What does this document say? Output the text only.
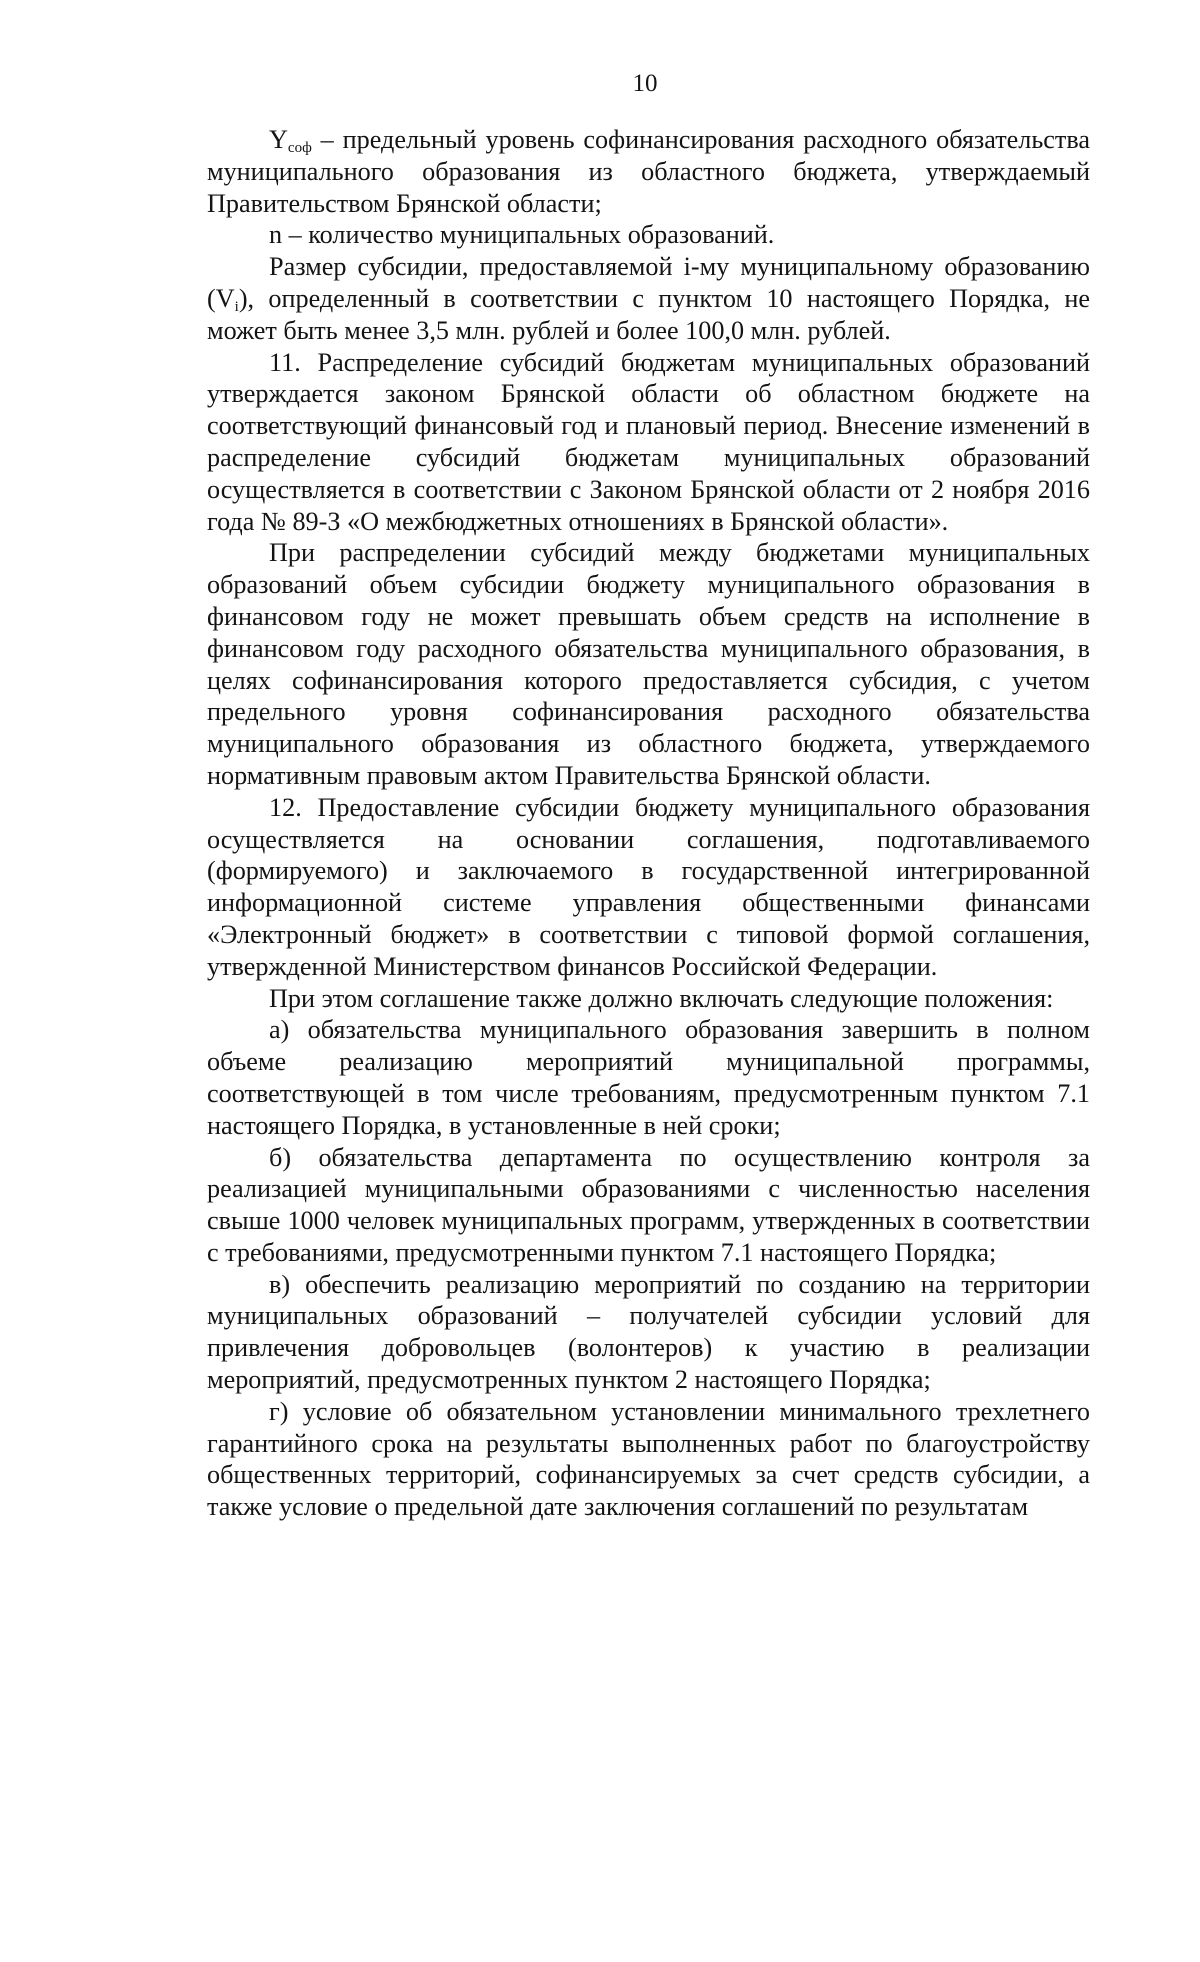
10

$Y_{соф}$ – предельный уровень софинансирования расходного обязательства муниципального образования из областного бюджета, утверждаемый Правительством Брянской области;

n – количество муниципальных образований.

Размер субсидии, предоставляемой i-му муниципальному образованию $(V_i)$, определенный в соответствии с пунктом 10 настоящего Порядка, не может быть менее 3,5 млн. рублей и более 100,0 млн. рублей.

11. Распределение субсидий бюджетам муниципальных образований утверждается законом Брянской области об областном бюджете на соответствующий финансовый год и плановый период. Внесение изменений в распределение субсидий бюджетам муниципальных образований осуществляется в соответствии с Законом Брянской области от 2 ноября 2016 года № 89-З «О межбюджетных отношениях в Брянской области».

При распределении субсидий между бюджетами муниципальных образований объем субсидии бюджету муниципального образования в финансовом году не может превышать объем средств на исполнение в финансовом году расходного обязательства муниципального образования, в целях софинансирования которого предоставляется субсидия, с учетом предельного уровня софинансирования расходного обязательства муниципального образования из областного бюджета, утверждаемого нормативным правовым актом Правительства Брянской области.

12. Предоставление субсидии бюджету муниципального образования осуществляется на основании соглашения, подготавливаемого (формируемого) и заключаемого в государственной интегрированной информационной системе управления общественными финансами «Электронный бюджет» в соответствии с типовой формой соглашения, утвержденной Министерством финансов Российской Федерации.

При этом соглашение также должно включать следующие положения:

а) обязательства муниципального образования завершить в полном объеме реализацию мероприятий муниципальной программы, соответствующей в том числе требованиям, предусмотренным пунктом 7.1 настоящего Порядка, в установленные в ней сроки;

б) обязательства департамента по осуществлению контроля за реализацией муниципальными образованиями с численностью населения свыше 1000 человек муниципальных программ, утвержденных в соответствии с требованиями, предусмотренными пунктом 7.1 настоящего Порядка;

в) обеспечить реализацию мероприятий по созданию на территории муниципальных образований – получателей субсидии условий для привлечения добровольцев (волонтеров) к участию в реализации мероприятий, предусмотренных пунктом 2 настоящего Порядка;

г) условие об обязательном установлении минимального трехлетнего гарантийного срока на результаты выполненных работ по благоустройству общественных территорий, софинансируемых за счет средств субсидии, а также условие о предельной дате заключения соглашений по результатам
